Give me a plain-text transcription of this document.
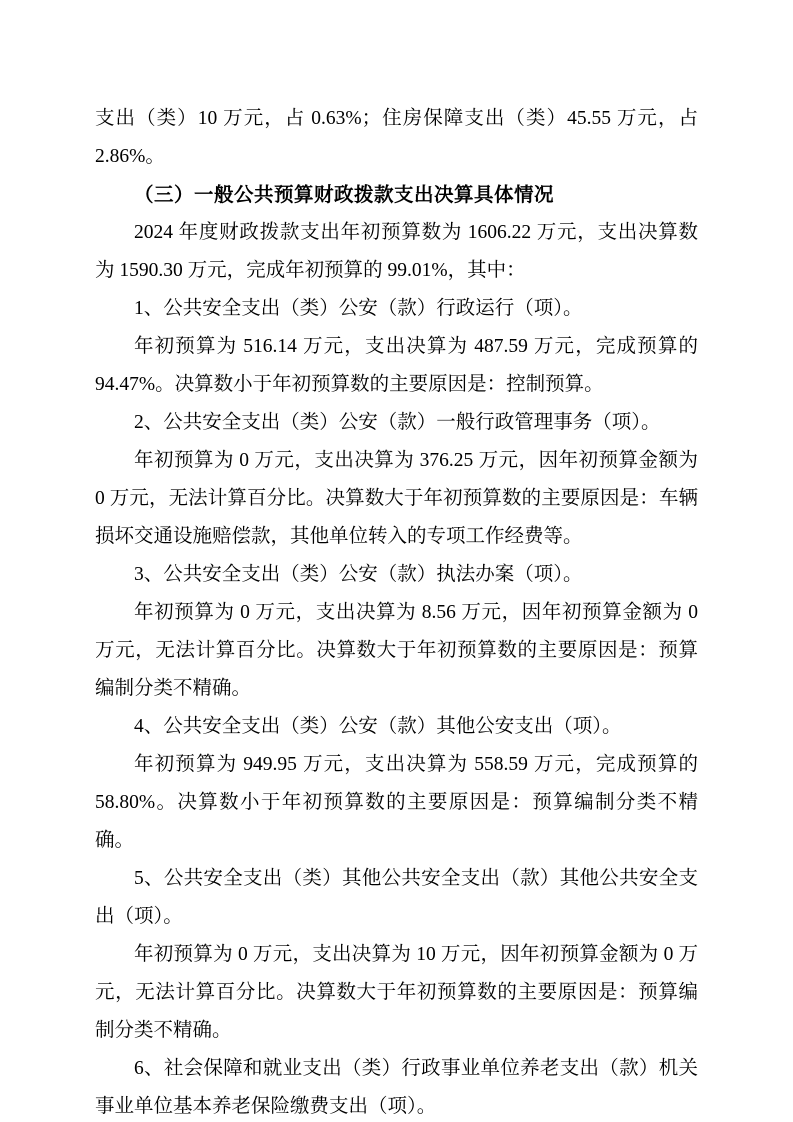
支出（类）10 万元，占 0.63%；住房保障支出（类）45.55 万元，占 2.86%。

（三）一般公共预算财政拨款支出决算具体情况

2024 年度财政拨款支出年初预算数为 1606.22 万元，支出决算数为 1590.30 万元，完成年初预算的 99.01%，其中：

1、公共安全支出（类）公安（款）行政运行（项）。

年初预算为 516.14 万元，支出决算为 487.59 万元，完成预算的 94.47%。决算数小于年初预算数的主要原因是：控制预算。

2、公共安全支出（类）公安（款）一般行政管理事务（项）。

年初预算为 0 万元，支出决算为 376.25 万元，因年初预算金额为 0 万元，无法计算百分比。决算数大于年初预算数的主要原因是：车辆损坏交通设施赔偿款，其他单位转入的专项工作经费等。

3、公共安全支出（类）公安（款）执法办案（项）。

年初预算为 0 万元，支出决算为 8.56 万元，因年初预算金额为 0 万元，无法计算百分比。决算数大于年初预算数的主要原因是：预算编制分类不精确。

4、公共安全支出（类）公安（款）其他公安支出（项）。

年初预算为 949.95 万元，支出决算为 558.59 万元，完成预算的 58.80%。决算数小于年初预算数的主要原因是：预算编制分类不精确。

5、公共安全支出（类）其他公共安全支出（款）其他公共安全支出（项）。

年初预算为 0 万元，支出决算为 10 万元，因年初预算金额为 0 万元，无法计算百分比。决算数大于年初预算数的主要原因是：预算编制分类不精确。

6、社会保障和就业支出（类）行政事业单位养老支出（款）机关事业单位基本养老保险缴费支出（项）。
